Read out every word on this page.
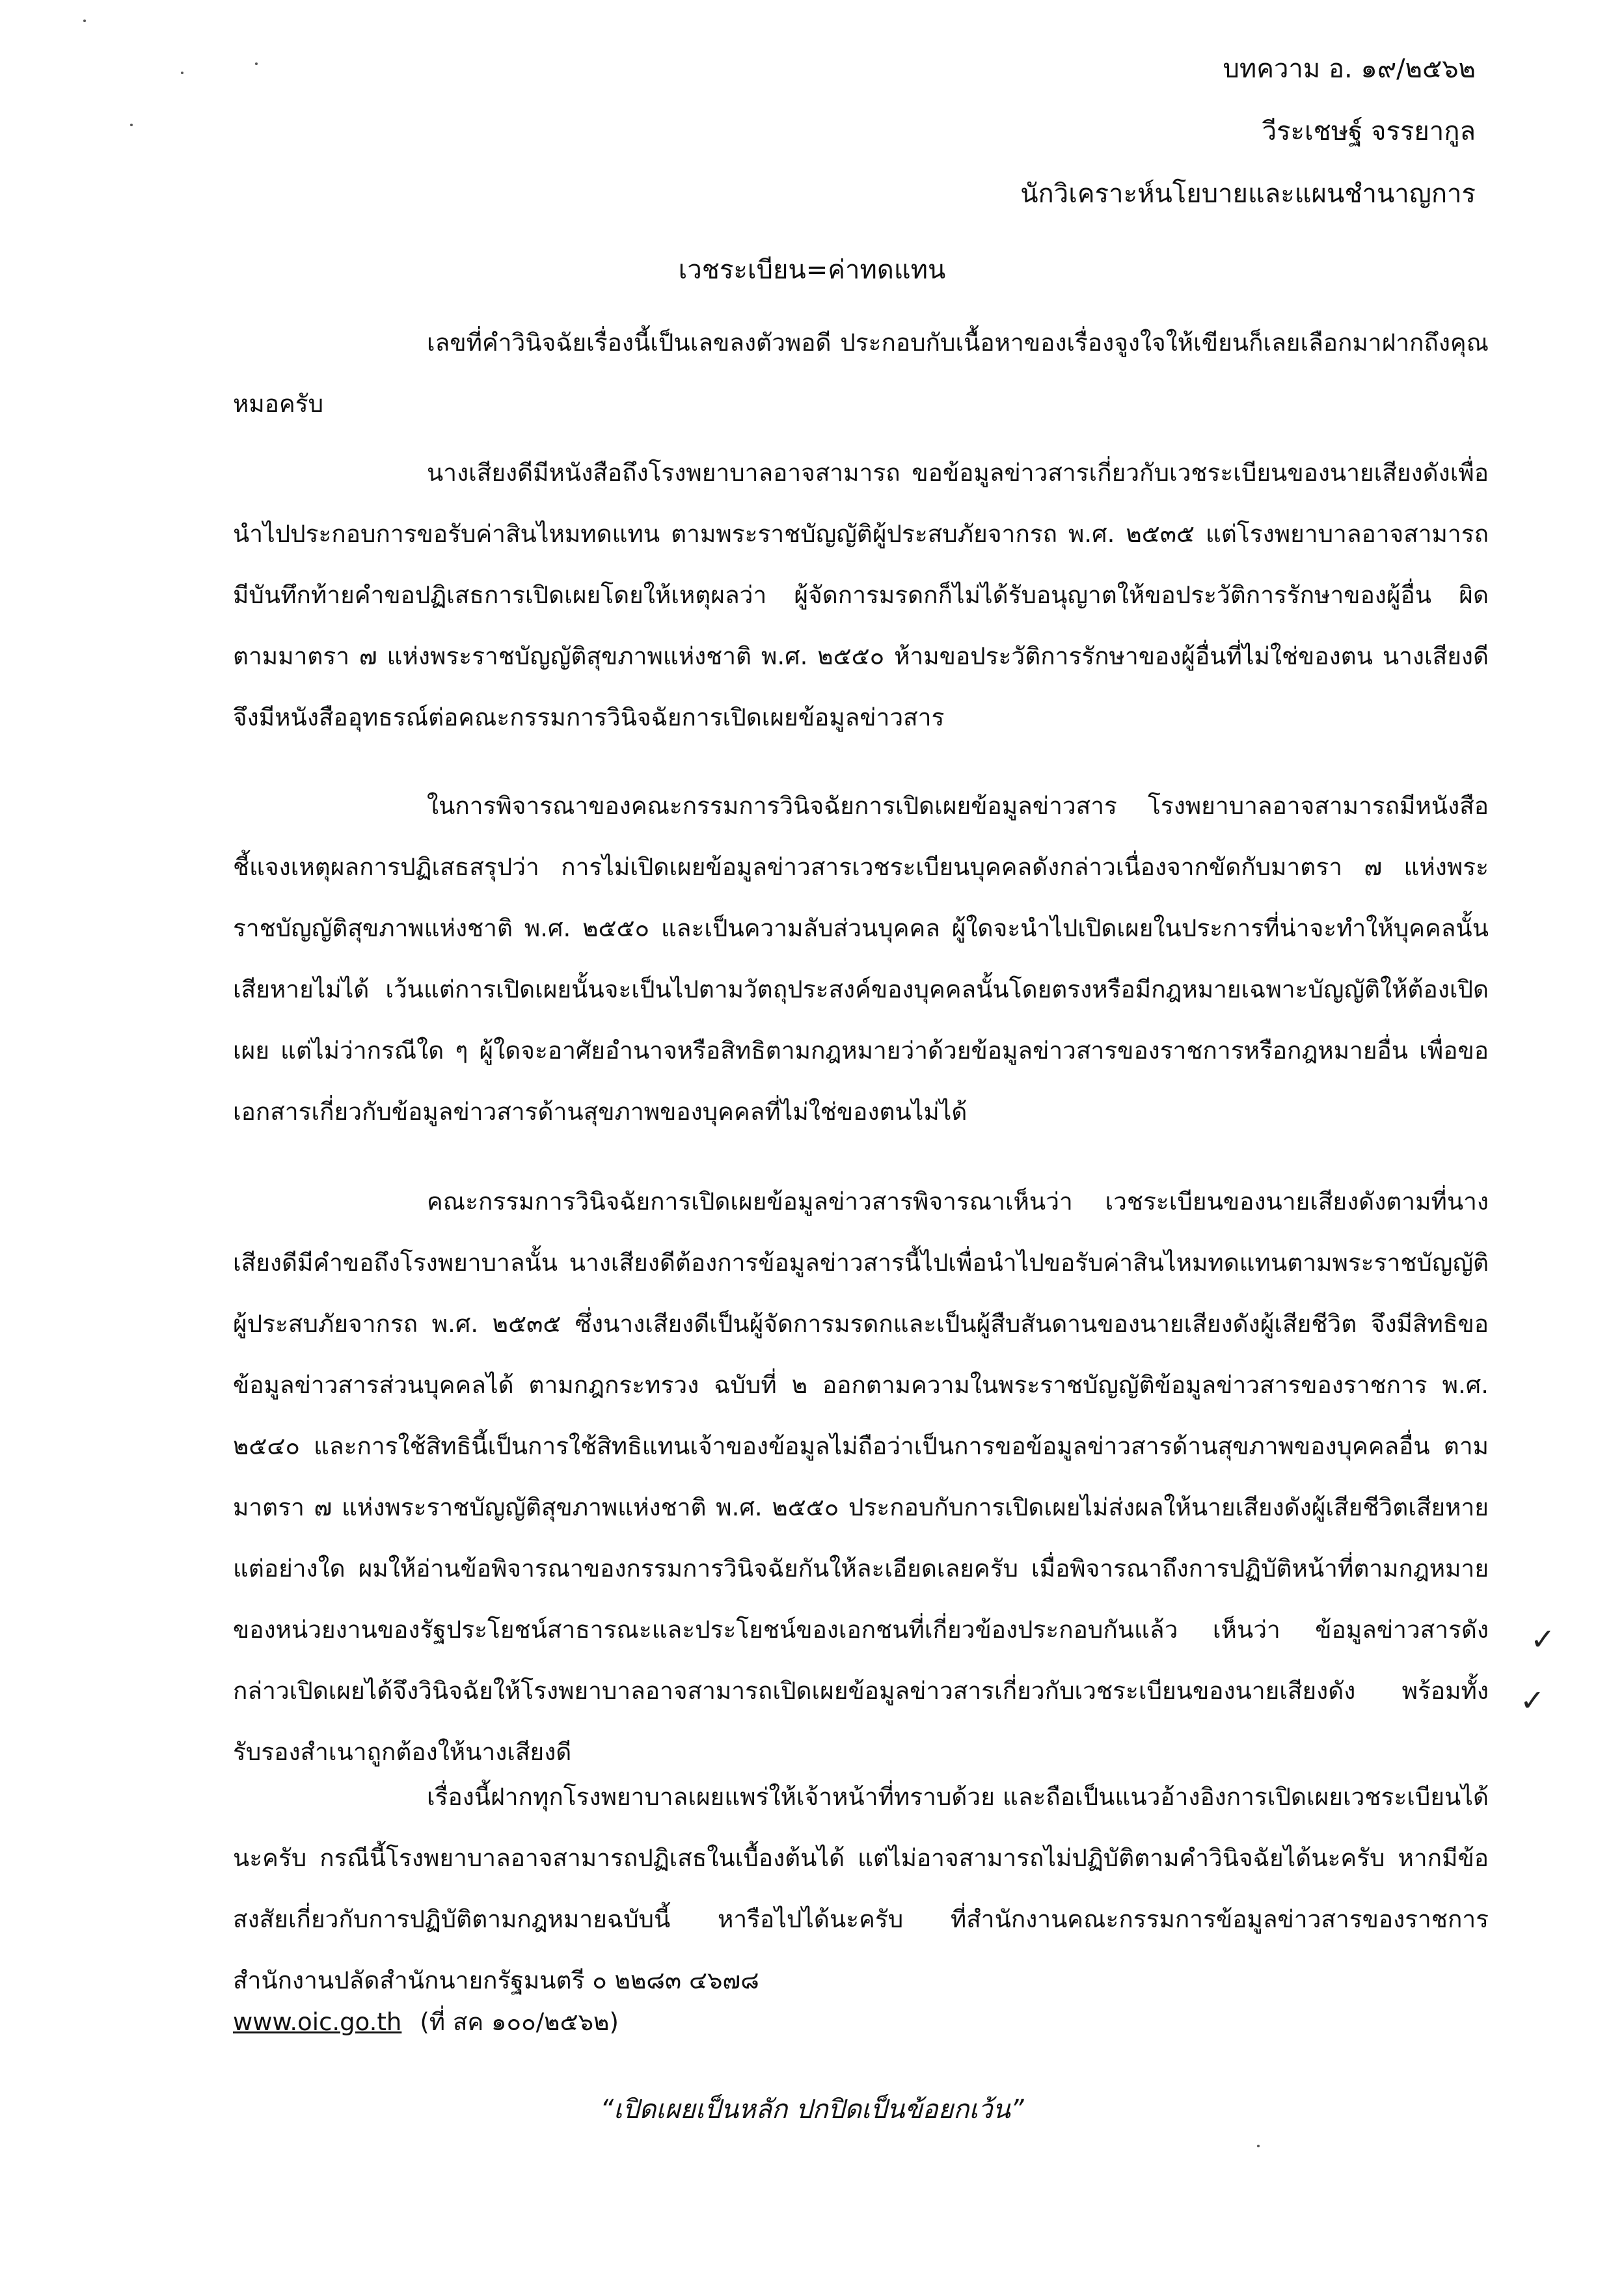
บทความ อ. ๑๙/๒๕๖๒
วีระเชษฐ์ จรรยากูล
นักวิเคราะห์นโยบายและแผนชำนาญการ
เวชระเบียน=ค่าทดแทน

เลขที่คำวินิจฉัยเรื่องนี้เป็นเลขลงตัวพอดี ประกอบกับเนื้อหาของเรื่องจูงใจให้เขียนก็เลยเลือกมาฝากถึงคุณหมอครับ

นางเสียงดีมีหนังสือถึงโรงพยาบาลอาจสามารถ ขอข้อมูลข่าวสารเกี่ยวกับเวชระเบียนของนายเสียงดังเพื่อนำไปประกอบการขอรับค่าสินไหมทดแทน ตามพระราชบัญญัติผู้ประสบภัยจากรถ พ.ศ. ๒๕๓๕ แต่โรงพยาบาลอาจสามารถ มีบันทึกท้ายคำขอปฏิเสธการเปิดเผยโดยให้เหตุผลว่า ผู้จัดการมรดกก็ไม่ได้รับอนุญาตให้ขอประวัติการรักษาของผู้อื่น ผิดตามมาตรา ๗ แห่งพระราชบัญญัติสุขภาพแห่งชาติ พ.ศ. ๒๕๕๐ ห้ามขอประวัติการรักษาของผู้อื่นที่ไม่ใช่ของตน นางเสียงดีจึงมีหนังสืออุทธรณ์ต่อคณะกรรมการวินิจฉัยการเปิดเผยข้อมูลข่าวสาร

ในการพิจารณาของคณะกรรมการวินิจฉัยการเปิดเผยข้อมูลข่าวสาร โรงพยาบาลอาจสามารถมีหนังสือชี้แจงเหตุผลการปฏิเสธสรุปว่า การไม่เปิดเผยข้อมูลข่าวสารเวชระเบียนบุคคลดังกล่าวเนื่องจากขัดกับมาตรา ๗ แห่งพระราชบัญญัติสุขภาพแห่งชาติ พ.ศ. ๒๕๕๐ และเป็นความลับส่วนบุคคล ผู้ใดจะนำไปเปิดเผยในประการที่น่าจะทำให้บุคคลนั้นเสียหายไม่ได้ เว้นแต่การเปิดเผยนั้นจะเป็นไปตามวัตถุประสงค์ของบุคคลนั้นโดยตรงหรือมีกฎหมายเฉพาะบัญญัติให้ต้องเปิดเผย แต่ไม่ว่ากรณีใด ๆ ผู้ใดจะอาศัยอำนาจหรือสิทธิตามกฎหมายว่าด้วยข้อมูลข่าวสารของราชการหรือกฎหมายอื่น เพื่อขอเอกสารเกี่ยวกับข้อมูลข่าวสารด้านสุขภาพของบุคคลที่ไม่ใช่ของตนไม่ได้

คณะกรรมการวินิจฉัยการเปิดเผยข้อมูลข่าวสารพิจารณาเห็นว่า เวชระเบียนของนายเสียงดังตามที่นางเสียงดีมีคำขอถึงโรงพยาบาลนั้น นางเสียงดีต้องการข้อมูลข่าวสารนี้ไปเพื่อนำไปขอรับค่าสินไหมทดแทนตามพระราชบัญญัติผู้ประสบภัยจากรถ พ.ศ. ๒๕๓๕ ซึ่งนางเสียงดีเป็นผู้จัดการมรดกและเป็นผู้สืบสันดานของนายเสียงดังผู้เสียชีวิต จึงมีสิทธิขอข้อมูลข่าวสารส่วนบุคคลได้ ตามกฎกระทรวง ฉบับที่ ๒ ออกตามความในพระราชบัญญัติข้อมูลข่าวสารของราชการ พ.ศ. ๒๕๔๐ และการใช้สิทธินี้เป็นการใช้สิทธิแทนเจ้าของข้อมูลไม่ถือว่าเป็นการขอข้อมูลข่าวสารด้านสุขภาพของบุคคลอื่น ตามมาตรา ๗ แห่งพระราชบัญญัติสุขภาพแห่งชาติ พ.ศ. ๒๕๕๐ ประกอบกับการเปิดเผยไม่ส่งผลให้นายเสียงดังผู้เสียชีวิตเสียหายแต่อย่างใด ผมให้อ่านข้อพิจารณาของกรรมการวินิจฉัยกันให้ละเอียดเลยครับ เมื่อพิจารณาถึงการปฏิบัติหน้าที่ตามกฎหมายของหน่วยงานของรัฐประโยชน์สาธารณะและประโยชน์ของเอกชนที่เกี่ยวข้องประกอบกันแล้ว เห็นว่า ข้อมูลข่าวสารดังกล่าวเปิดเผยได้จึงวินิจฉัยให้โรงพยาบาลอาจสามารถเปิดเผยข้อมูลข่าวสารเกี่ยวกับเวชระเบียนของนายเสียงดัง พร้อมทั้งรับรองสำเนาถูกต้องให้นางเสียงดี

เรื่องนี้ฝากทุกโรงพยาบาลเผยแพร่ให้เจ้าหน้าที่ทราบด้วย และถือเป็นแนวอ้างอิงการเปิดเผยเวชระเบียนได้นะครับ กรณีนี้โรงพยาบาลอาจสามารถปฏิเสธในเบื้องต้นได้ แต่ไม่อาจสามารถไม่ปฏิบัติตามคำวินิจฉัยได้นะครับ หากมีข้อสงสัยเกี่ยวกับการปฏิบัติตามกฎหมายฉบับนี้ หารือไปได้นะครับ ที่สำนักงานคณะกรรมการข้อมูลข่าวสารของราชการ สำนักงานปลัดสำนักนายกรัฐมนตรี ๐ ๒๒๘๓ ๔๖๗๘

www.oic.go.th (ที่ สค ๑๐๐/๒๕๖๒)
“เปิดเผยเป็นหลัก ปกปิดเป็นข้อยกเว้น”
✓
✓
